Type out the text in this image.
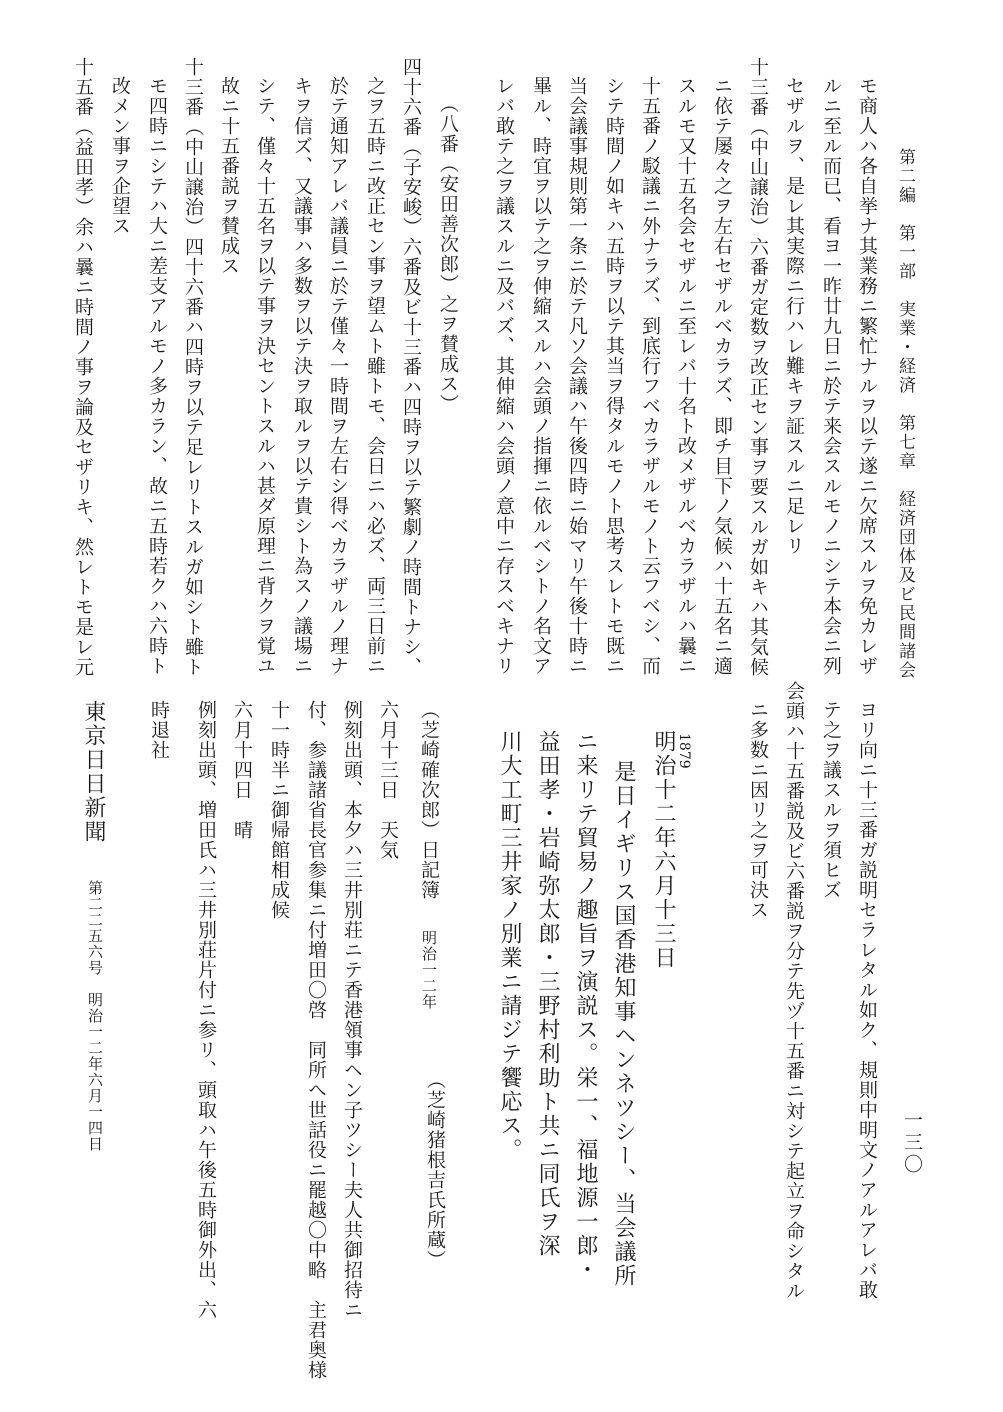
第二編　第一部　実業・経済　第七章　経済団体及ビ民間諸会
一三〇
モ商人ハ各自挙ナ其業務ニ繁忙ナルヲ以テ遂ニ欠席スルヲ免カレザ
ルニ至ル而已、看ヨ一昨廿九日ニ於テ来会スルモノニシテ本会ニ列
セザルヲ、是レ其実際ニ行ハレ難キヲ証スルニ足レリ
十三番（中山譲治）六番ガ定数ヲ改正セン事ヲ要スルガ如キハ其気候
ニ依テ屡々之ヲ左右セザルベカラズ、即チ目下ノ気候ハ十五名ニ適
スルモ又十五名会セザルニ至レバ十名ト改メザルベカラザルハ曩ニ
十五番ノ駁議ニ外ナラズ、到底行フベカラザルモノト云フベシ、而
シテ時間ノ如キハ五時ヲ以テ其当ヲ得タルモノト思考スレトモ既ニ
当会議事規則第一条ニ於テ凡ソ会議ハ午後四時ニ始マリ午後十時ニ
畢ル、時宜ヲ以テ之ヲ伸縮スルハ会頭ノ指揮ニ依ルベシトノ名文ア
レバ敢テ之ヲ議スルニ及バズ、其伸縮ハ会頭ノ意中ニ存スベキナリ
（八番（安田善次郎）之ヲ賛成ス）
四十六番（子安峻）六番及ビ十三番ハ四時ヲ以テ繁劇ノ時間トナシ、
之ヲ五時ニ改正セン事ヲ望ムト雖トモ、会日ニハ必ズ、両三日前ニ
於テ通知アレバ議員ニ於テ僅々一時間ヲ左右シ得ベカラザルノ理ナ
キヲ信ズ、又議事ハ多数ヲ以テ決ヲ取ルヲ以テ貴シト為スノ議場ニ
シテ、僅々十五名ヲ以テ事ヲ決セントスルハ甚ダ原理ニ背クヲ覚ユ
故ニ十五番説ヲ賛成ス
十三番（中山譲治）四十六番ハ四時ヲ以テ足レリトスルガ如シト雖ト
モ四時ニシテハ大ニ差支アルモノ多カラン、故ニ五時若クハ六時ト
改メン事ヲ企望ス
十五番（益田孝）余ハ曩ニ時間ノ事ヲ論及セザリキ、然レトモ是レ元
ヨリ向ニ十三番ガ説明セラレタル如ク、規則中明文ノアルアレバ敢
テ之ヲ議スルヲ須ヒズ
会頭ハ十五番説及ビ六番説ヲ分テ先ヅ十五番ニ対シテ起立ヲ命シタル
ニ多数ニ因リ之ヲ可決ス
1879
明治十二年六月十三日
是日イギリス国香港知事ヘンネツシー、当会議所
ニ来リテ貿易ノ趣旨ヲ演説ス。栄一、福地源一郎・
益田孝・岩崎弥太郎・三野村利助ト共ニ同氏ヲ深
川大工町三井家ノ別業ニ請ジテ饗応ス。
（芝崎猪根吉氏所蔵）
（芝崎確次郎）日記簿
明治一二年
六月十三日　天気
例刻出頭、本夕ハ三井別荘ニテ香港領事ヘン子ツシー夫人共御招待ニ
付、参議諸省長官参集ニ付増田〇啓　同所へ世話役ニ罷越〇中略　主君奥様
十一時半ニ御帰館相成候
六月十四日　晴
例刻出頭、増田氏ハ三井別荘片付ニ参リ、頭取ハ午後五時御外出、六
時退社
東京日日新聞
第二二五六号　明治一二年六月一四日
